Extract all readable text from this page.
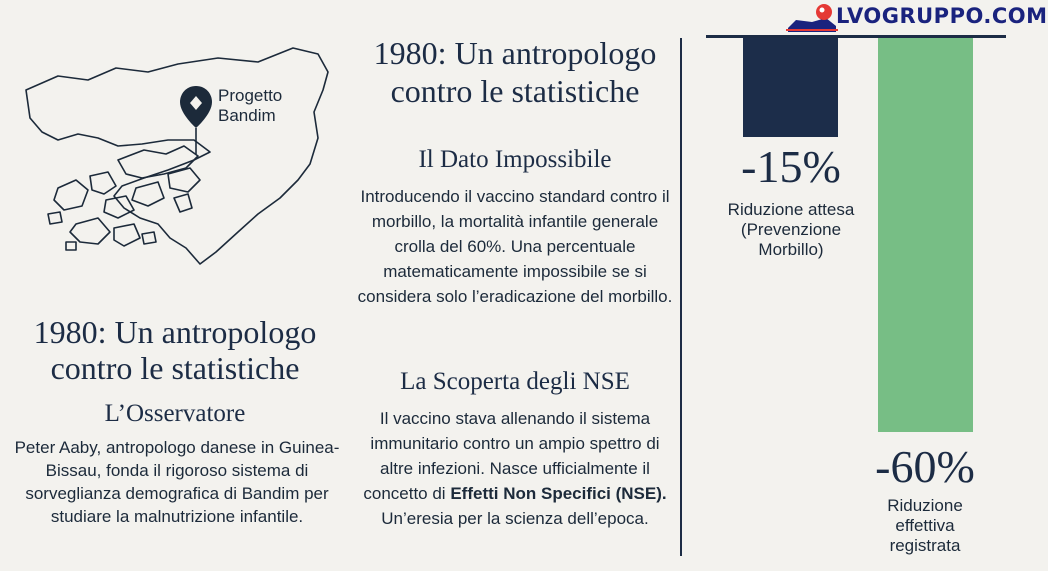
Progetto
Bandim
1980: Un antropologo contro le statistiche
L’Osservatore
Peter Aaby, antropologo danese in Guinea-Bissau, fonda il rigoroso sistema di sorveglianza demografica di Bandim per studiare la malnutrizione infantile.
1980: Un antropologo contro le statistiche
Il Dato Impossibile
Introducendo il vaccino standard contro il morbillo, la mortalità infantile generale crolla del 60%. Una percentuale matematicamente impossibile se si considera solo l’eradicazione del morbillo.
La Scoperta degli NSE
Il vaccino stava allenando il sistema immunitario contro un ampio spettro di altre infezioni. Nasce ufficialmente il concetto di Effetti Non Specifici (NSE). Un’eresia per la scienza dell’epoca.
-15%
Riduzione attesa (Prevenzione Morbillo)
-60%
Riduzione effettiva registrata
LVOGRUPPO.COM
